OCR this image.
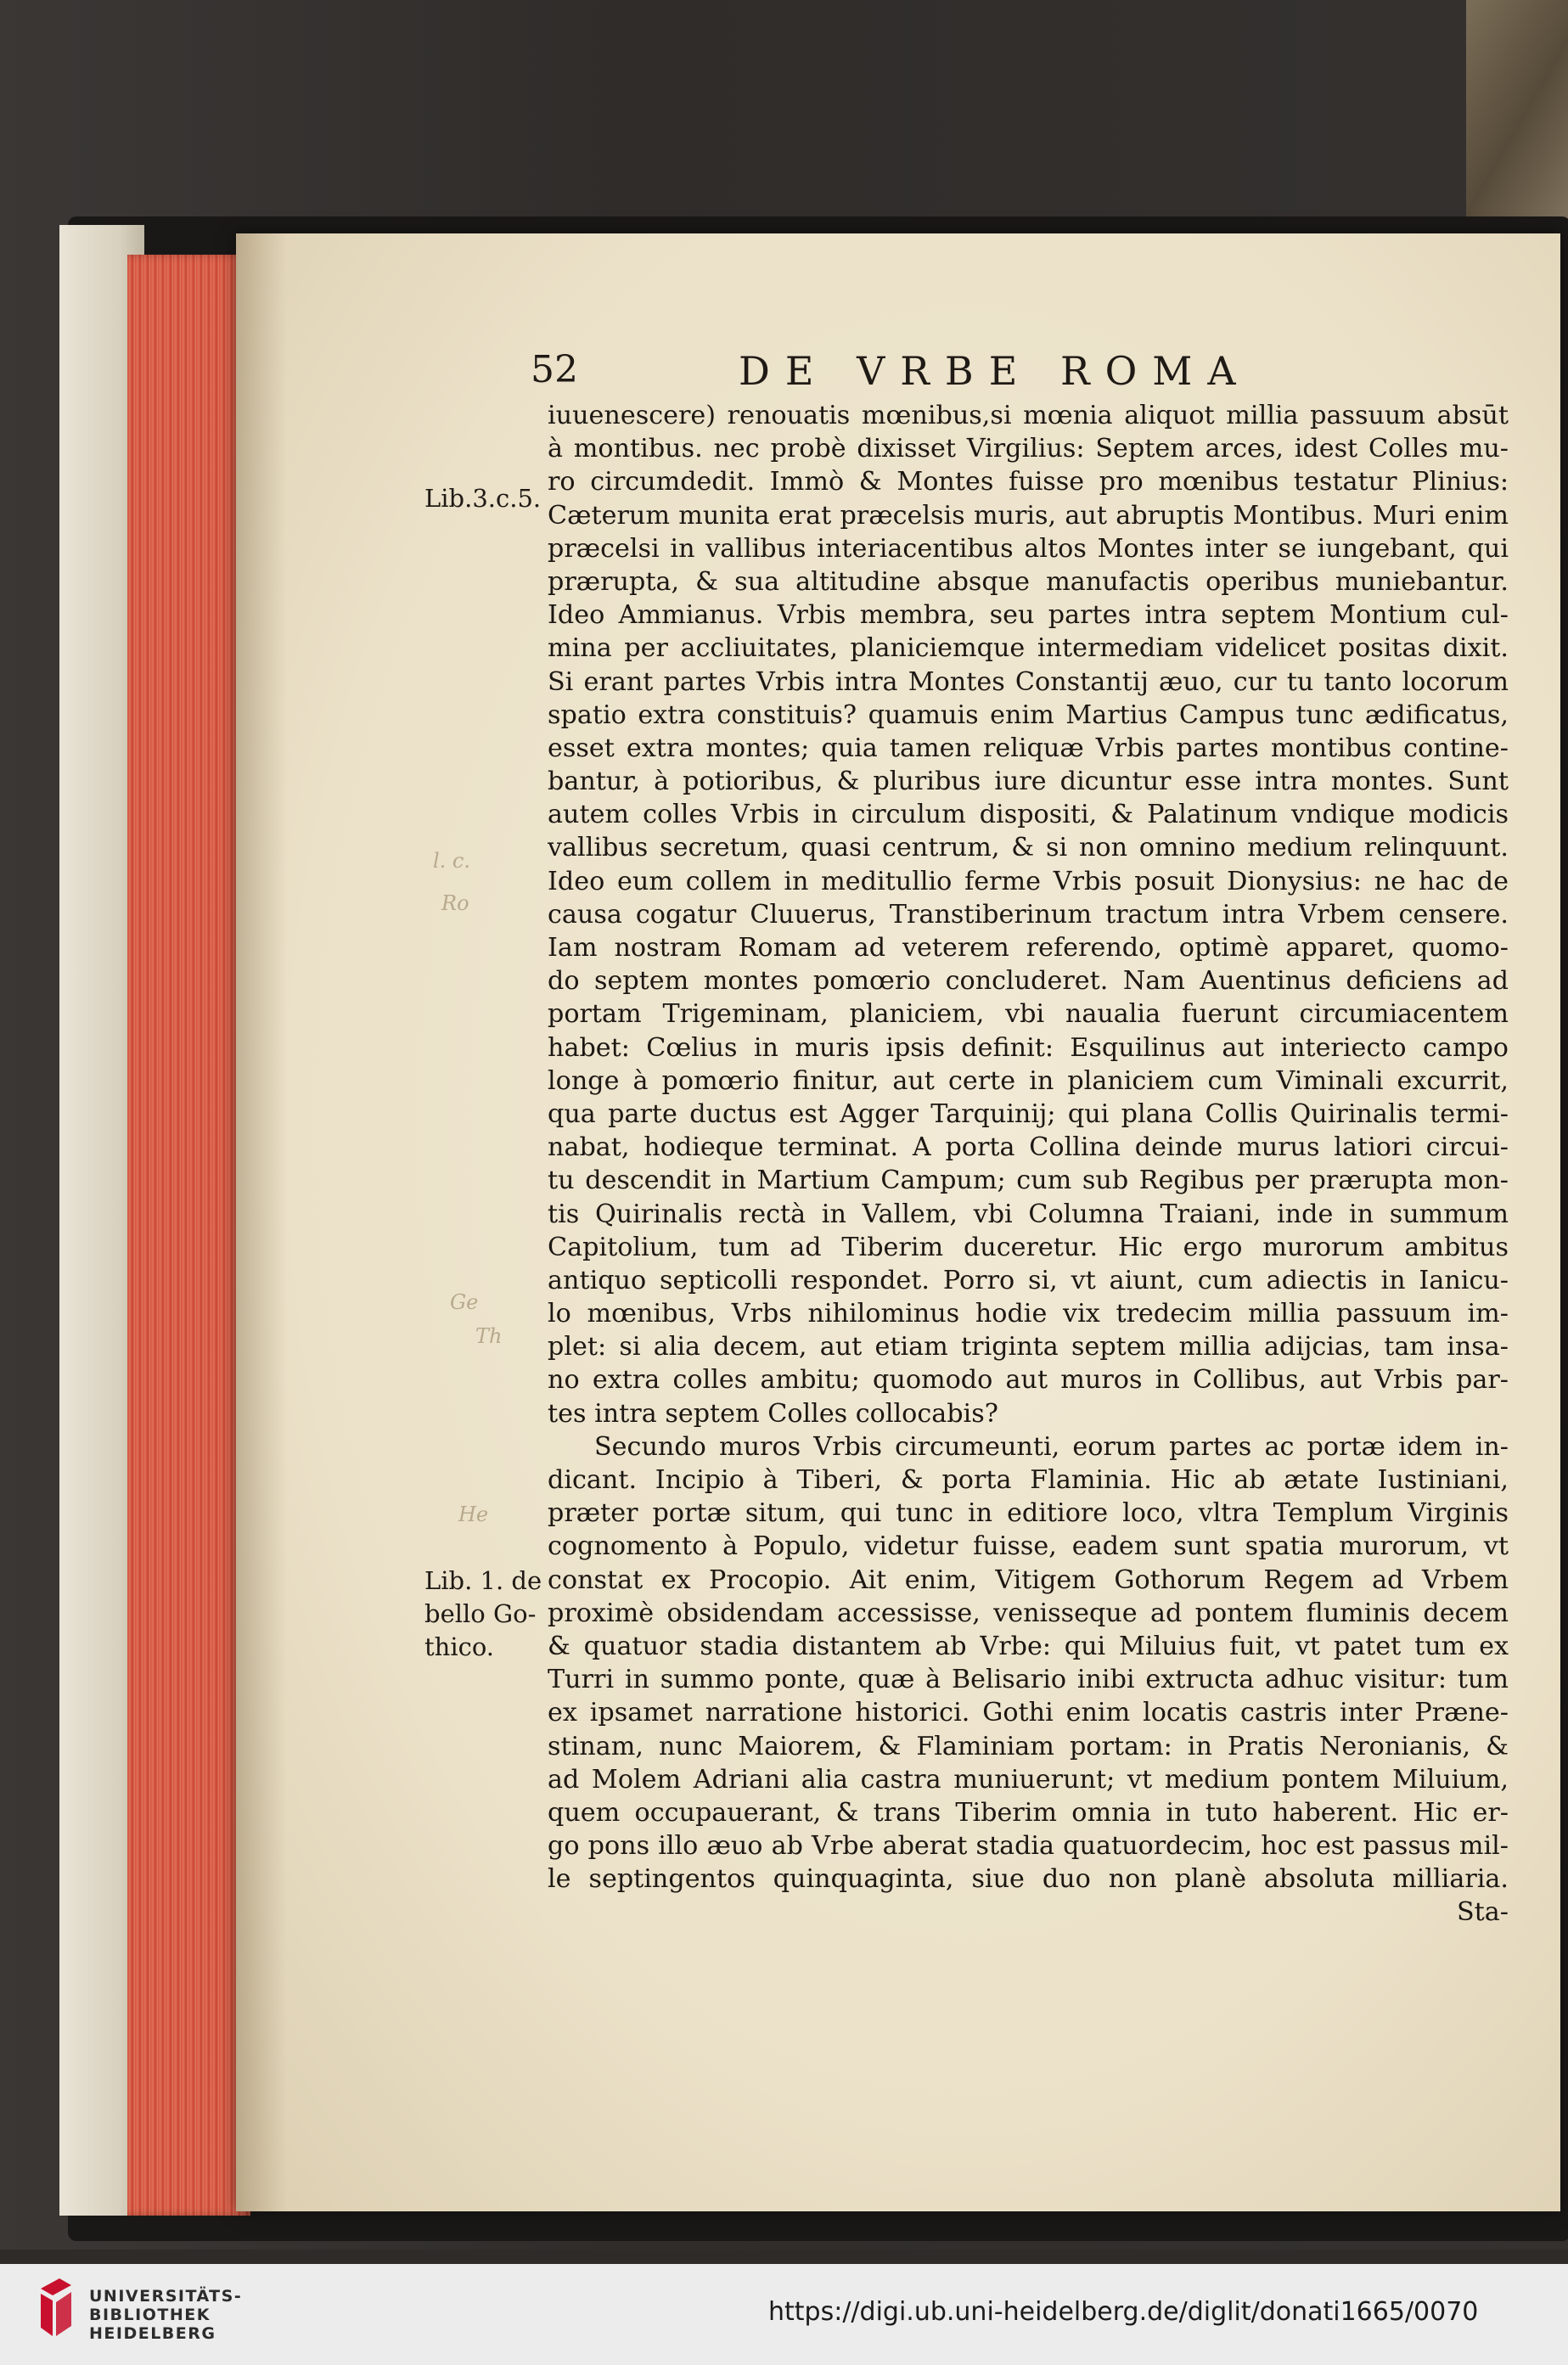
l. c.
Ro
Ge
Th
He
52	DE VRBE ROMA
Lib.3.c.5.
Lib. 1. de
bello Go-
thico.
iuuenescere) renouatis mœnibus,si mœnia aliquot millia passuum absūt
à montibus. nec probè dixisset Virgilius: Septem arces, idest Colles mu-
ro circumdedit. Immò & Montes fuisse pro mœnibus testatur Plinius:
Cæterum munita erat præcelsis muris, aut abruptis Montibus. Muri enim
præcelsi in vallibus interiacentibus altos Montes inter se iungebant, qui
prærupta, & sua altitudine absque manufactis operibus muniebantur.
Ideo Ammianus. Vrbis membra, seu partes intra septem Montium cul-
mina per accliuitates, planiciemque intermediam videlicet positas dixit.
Si erant partes Vrbis intra Montes Constantij æuo, cur tu tanto locorum
spatio extra constituis? quamuis enim Martius Campus tunc ædificatus,
esset extra montes; quia tamen reliquæ Vrbis partes montibus contine-
bantur, à potioribus, & pluribus iure dicuntur esse intra montes. Sunt
autem colles Vrbis in circulum dispositi, & Palatinum vndique modicis
vallibus secretum, quasi centrum, & si non omnino medium relinquunt.
Ideo eum collem in meditullio ferme Vrbis posuit Dionysius: ne hac de
causa cogatur Cluuerus, Transtiberinum tractum intra Vrbem censere.
Iam nostram Romam ad veterem referendo, optimè apparet, quomo-
do septem montes pomœrio concluderet. Nam Auentinus deficiens ad
portam Trigeminam, planiciem, vbi naualia fuerunt circumiacentem
habet: Cœlius in muris ipsis definit: Esquilinus aut interiecto campo
longe à pomœrio finitur, aut certe in planiciem cum Viminali excurrit,
qua parte ductus est Agger Tarquinij; qui plana Collis Quirinalis termi-
nabat, hodieque terminat. A porta Collina deinde murus latiori circui-
tu descendit in Martium Campum; cum sub Regibus per prærupta mon-
tis Quirinalis rectà in Vallem, vbi Columna Traiani, inde in summum
Capitolium, tum ad Tiberim duceretur. Hic ergo murorum ambitus
antiquo septicolli respondet. Porro si, vt aiunt, cum adiectis in Ianicu-
lo mœnibus, Vrbs nihilominus hodie vix tredecim millia passuum im-
plet: si alia decem, aut etiam triginta septem millia adijcias, tam insa-
no extra colles ambitu; quomodo aut muros in Collibus, aut Vrbis par-
tes intra septem Colles collocabis?
Secundo muros Vrbis circumeunti, eorum partes ac portæ idem in-
dicant. Incipio à Tiberi, & porta Flaminia. Hic ab ætate Iustiniani,
præter portæ situm, qui tunc in editiore loco, vltra Templum Virginis
cognomento à Populo, videtur fuisse, eadem sunt spatia murorum, vt
constat ex Procopio. Ait enim, Vitigem Gothorum Regem ad Vrbem
proximè obsidendam accessisse, venisseque ad pontem fluminis decem
& quatuor stadia distantem ab Vrbe: qui Miluius fuit, vt patet tum ex
Turri in summo ponte, quæ à Belisario inibi extructa adhuc visitur: tum
ex ipsamet narratione historici. Gothi enim locatis castris inter Præne-
stinam, nunc Maiorem, & Flaminiam portam: in Pratis Neronianis, &
ad Molem Adriani alia castra muniuerunt; vt medium pontem Miluium,
quem occupauerant, & trans Tiberim omnia in tuto haberent. Hic er-
go pons illo æuo ab Vrbe aberat stadia quatuordecim, hoc est passus mil-
le septingentos quinquaginta, siue duo non planè absoluta milliaria.
Sta-
UNIVERSITÄTS-
BIBLIOTHEK
HEIDELBERG
https://digi.ub.uni-heidelberg.de/diglit/donati1665/0070
